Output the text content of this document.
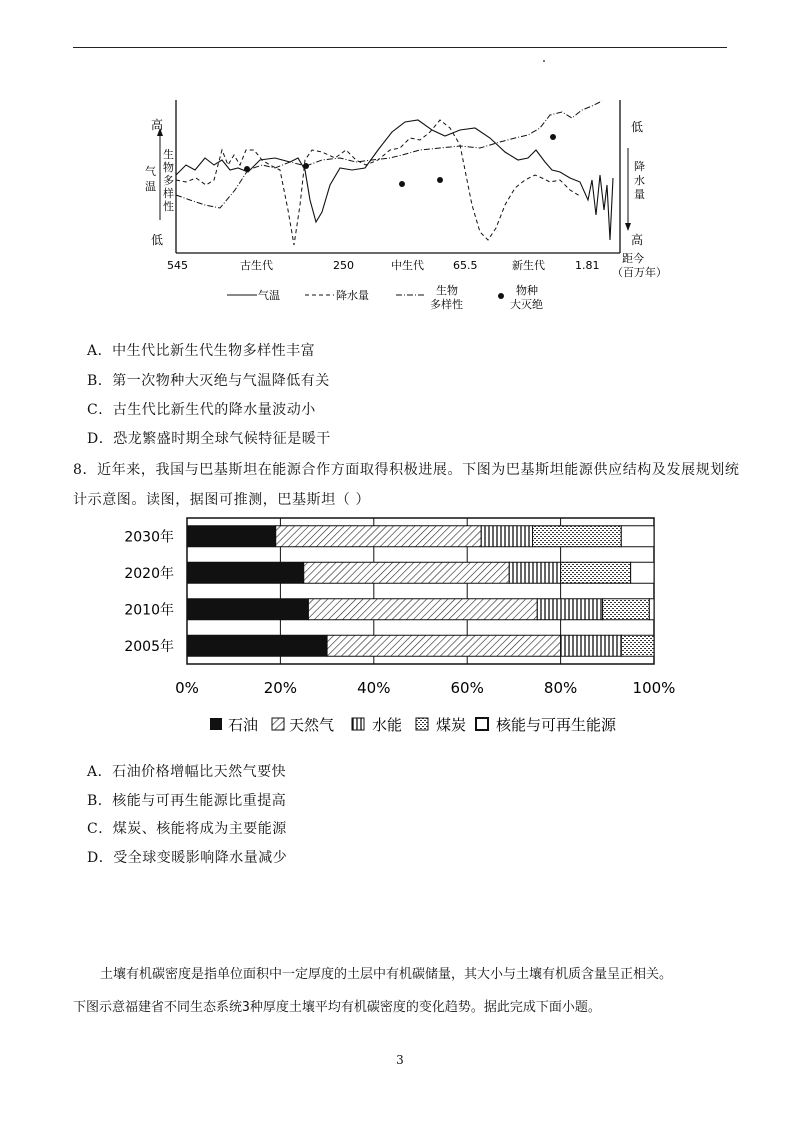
高
低
生
物
多
样
性
气
温
低
降
水
量
高
545	古生代	250	中生代	65.5	新生代	1.81
距今
（百万年）
气温	降水量	生物
多样性
物种
大灭绝
A．中生代比新生代生物多样性丰富
B．第一次物种大灭绝与气温降低有关
C．古生代比新生代的降水量波动小
D．恐龙繁盛时期全球气候特征是暖干
8．近年来，我国与巴基斯坦在能源合作方面取得积极进展。下图为巴基斯坦能源供应结构及发展规划统
计示意图。读图，据图可推测，巴基斯坦（ ）
0%	20%	40%	60%	80%	100%
2030年
2020年
2010年
2005年
石油 天然气	水能 煤炭 核能与可再生能源
A．石油价格增幅比天然气要快
B．核能与可再生能源比重提高
C．煤炭、核能将成为主要能源
D．受全球变暖影响降水量减少
土壤有机碳密度是指单位面积中一定厚度的土层中有机碳储量，其大小与土壤有机质含量呈正相关。
下图示意福建省不同生态系统3种厚度土壤平均有机碳密度的变化趋势。据此完成下面小题。
3
